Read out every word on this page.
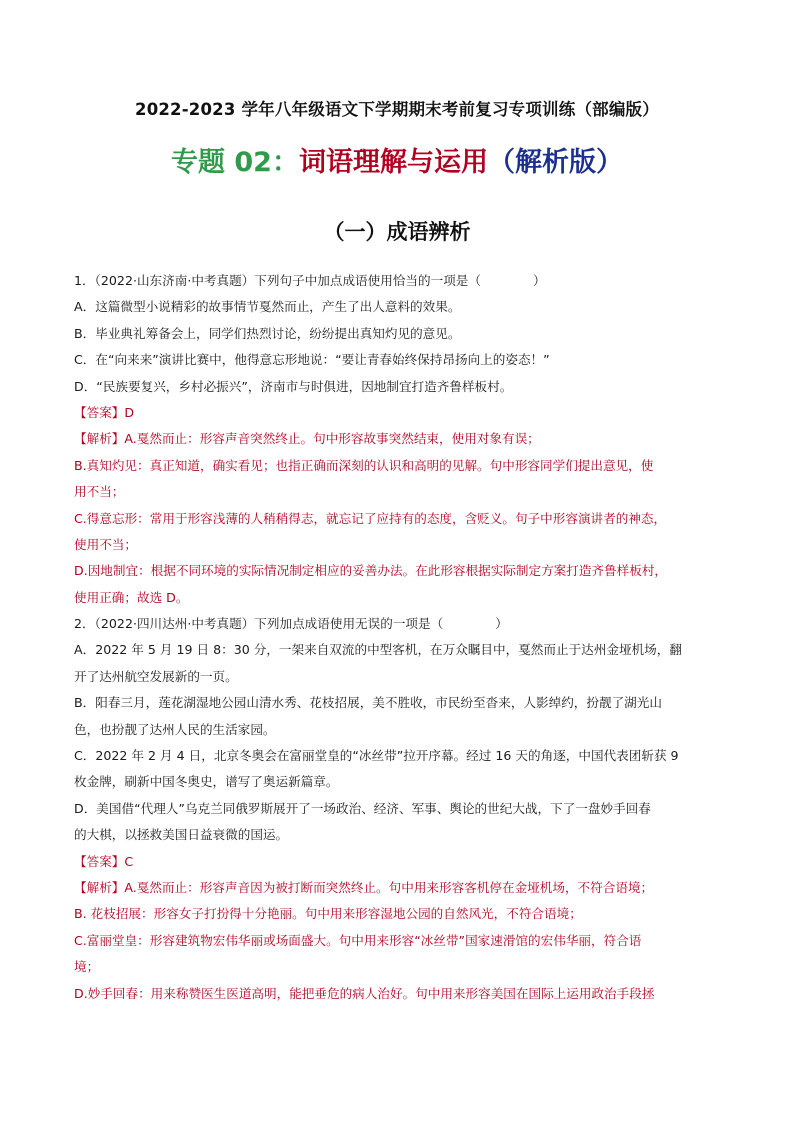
2022-2023 学年八年级语文下学期期末考前复习专项训练（部编版）
专题 02：词语理解与运用（解析版）
（一）成语辨析
1．（2022·山东济南·中考真题）下列句子中加点成语使用恰当的一项是（	）
A．这篇微型小说精彩的故事情节戛然而止，产生了出人意料的效果。
B．毕业典礼筹备会上，同学们热烈讨论，纷纷提出真知灼见的意见。
C．在“向来来”演讲比赛中，他得意忘形地说：“要让青春始终保持昂扬向上的姿态！”
D．“民族要复兴，乡村必振兴”，济南市与时俱进，因地制宜打造齐鲁样板村。
【答案】D
【解析】A.戛然而止：形容声音突然终止。句中形容故事突然结束，使用对象有误；
B.真知灼见：真正知道，确实看见；也指正确而深刻的认识和高明的见解。句中形容同学们提出意见，使
用不当；
C.得意忘形：常用于形容浅薄的人稍稍得志，就忘记了应持有的态度，含贬义。句子中形容演讲者的神态，
使用不当；
D.因地制宜：根据不同环境的实际情况制定相应的妥善办法。在此形容根据实际制定方案打造齐鲁样板村，
使用正确；故选 D。
2．（2022·四川达州·中考真题）下列加点成语使用无误的一项是（	）
A．2022 年 5 月 19 日 8：30 分，一架来自双流的中型客机，在万众瞩目中，戛然而止于达州金垭机场，翻
开了达州航空发展新的一页。
B．阳春三月，莲花湖湿地公园山清水秀、花枝招展，美不胜收，市民纷至沓来，人影绰约，扮靓了湖光山
色，也扮靓了达州人民的生活家园。
C．2022 年 2 月 4 日，北京冬奥会在富丽堂皇的“冰丝带”拉开序幕。经过 16 天的角逐，中国代表团斩获 9
枚金牌，刷新中国冬奥史，谱写了奥运新篇章。
D．美国借“代理人”乌克兰同俄罗斯展开了一场政治、经济、军事、舆论的世纪大战，下了一盘妙手回春
的大棋，以拯救美国日益衰微的国运。
【答案】C
【解析】A.戛然而止：形容声音因为被打断而突然终止。句中用来形容客机停在金垭机场，不符合语境；
B. 花枝招展：形容女子打扮得十分艳丽。句中用来形容湿地公园的自然风光，不符合语境；
C.富丽堂皇：形容建筑物宏伟华丽或场面盛大。句中用来形容“冰丝带”国家速滑馆的宏伟华丽，符合语
境；
D.妙手回春：用来称赞医生医道高明，能把垂危的病人治好。句中用来形容美国在国际上运用政治手段拯
